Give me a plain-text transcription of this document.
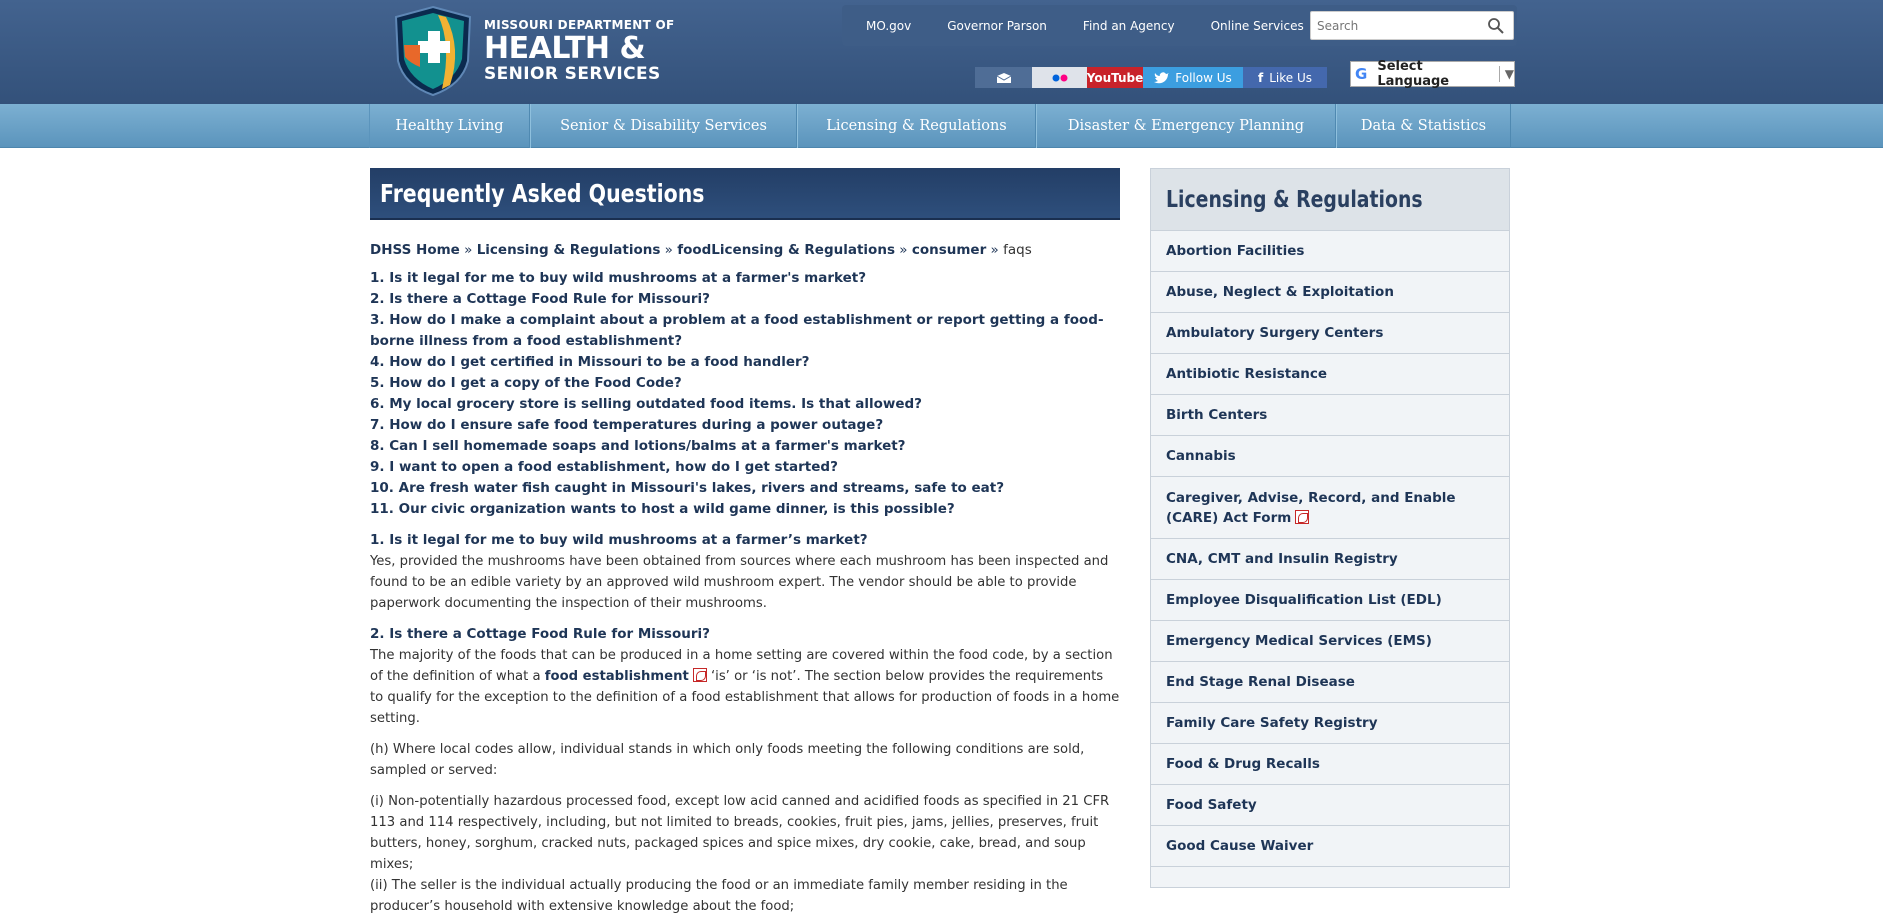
MISSOURI DEPARTMENT OF
HEALTH &
SENIOR SERVICES
MO.gov	Governor Parson	Find an Agency	Online Services
Search
YouTube	Follow Us f Like Us	G Select Language	▼
Healthy Living	Senior & Disability Services	Licensing & Regulations	Disaster & Emergency Planning	Data & Statistics
Frequently Asked Questions
DHSS Home » Licensing & Regulations » foodLicensing & Regulations » consumer » faqs
1. Is it legal for me to buy wild mushrooms at a farmer's market?
2. Is there a Cottage Food Rule for Missouri?
3. How do I make a complaint about a problem at a food establishment or report getting a food-borne illness from a food establishment?
4. How do I get certified in Missouri to be a food handler?
5. How do I get a copy of the Food Code?
6. My local grocery store is selling outdated food items. Is that allowed?
7. How do I ensure safe food temperatures during a power outage?
8. Can I sell homemade soaps and lotions/balms at a farmer's market?
9. I want to open a food establishment, how do I get started?
10. Are fresh water fish caught in Missouri's lakes, rivers and streams, safe to eat?
11. Our civic organization wants to host a wild game dinner, is this possible?
1. Is it legal for me to buy wild mushrooms at a farmer’s market?
Yes, provided the mushrooms have been obtained from sources where each mushroom has been inspected and found to be an edible variety by an approved wild mushroom expert. The vendor should be able to provide paperwork documenting the inspection of their mushrooms.
2. Is there a Cottage Food Rule for Missouri?
The majority of the foods that can be produced in a home setting are covered within the food code, by a section of the definition of what a food establishment ‘is’ or ‘is not’. The section below provides the requirements to qualify for the exception to the definition of a food establishment that allows for production of foods in a home setting.
(h) Where local codes allow, individual stands in which only foods meeting the following conditions are sold, sampled or served:
(i) Non-potentially hazardous processed food, except low acid canned and acidified foods as specified in 21 CFR 113 and 114 respectively, including, but not limited to breads, cookies, fruit pies, jams, jellies, preserves, fruit butters, honey, sorghum, cracked nuts, packaged spices and spice mixes, dry cookie, cake, bread, and soup mixes;
(ii) The seller is the individual actually producing the food or an immediate family member residing in the producer’s household with extensive knowledge about the food;
Licensing & Regulations
Abortion Facilities
Abuse, Neglect & Exploitation
Ambulatory Surgery Centers
Antibiotic Resistance
Birth Centers
Cannabis
Caregiver, Advise, Record, and Enable (CARE) Act Form
CNA, CMT and Insulin Registry
Employee Disqualification List (EDL)
Emergency Medical Services (EMS)
End Stage Renal Disease
Family Care Safety Registry
Food & Drug Recalls
Food Safety
Good Cause Waiver
